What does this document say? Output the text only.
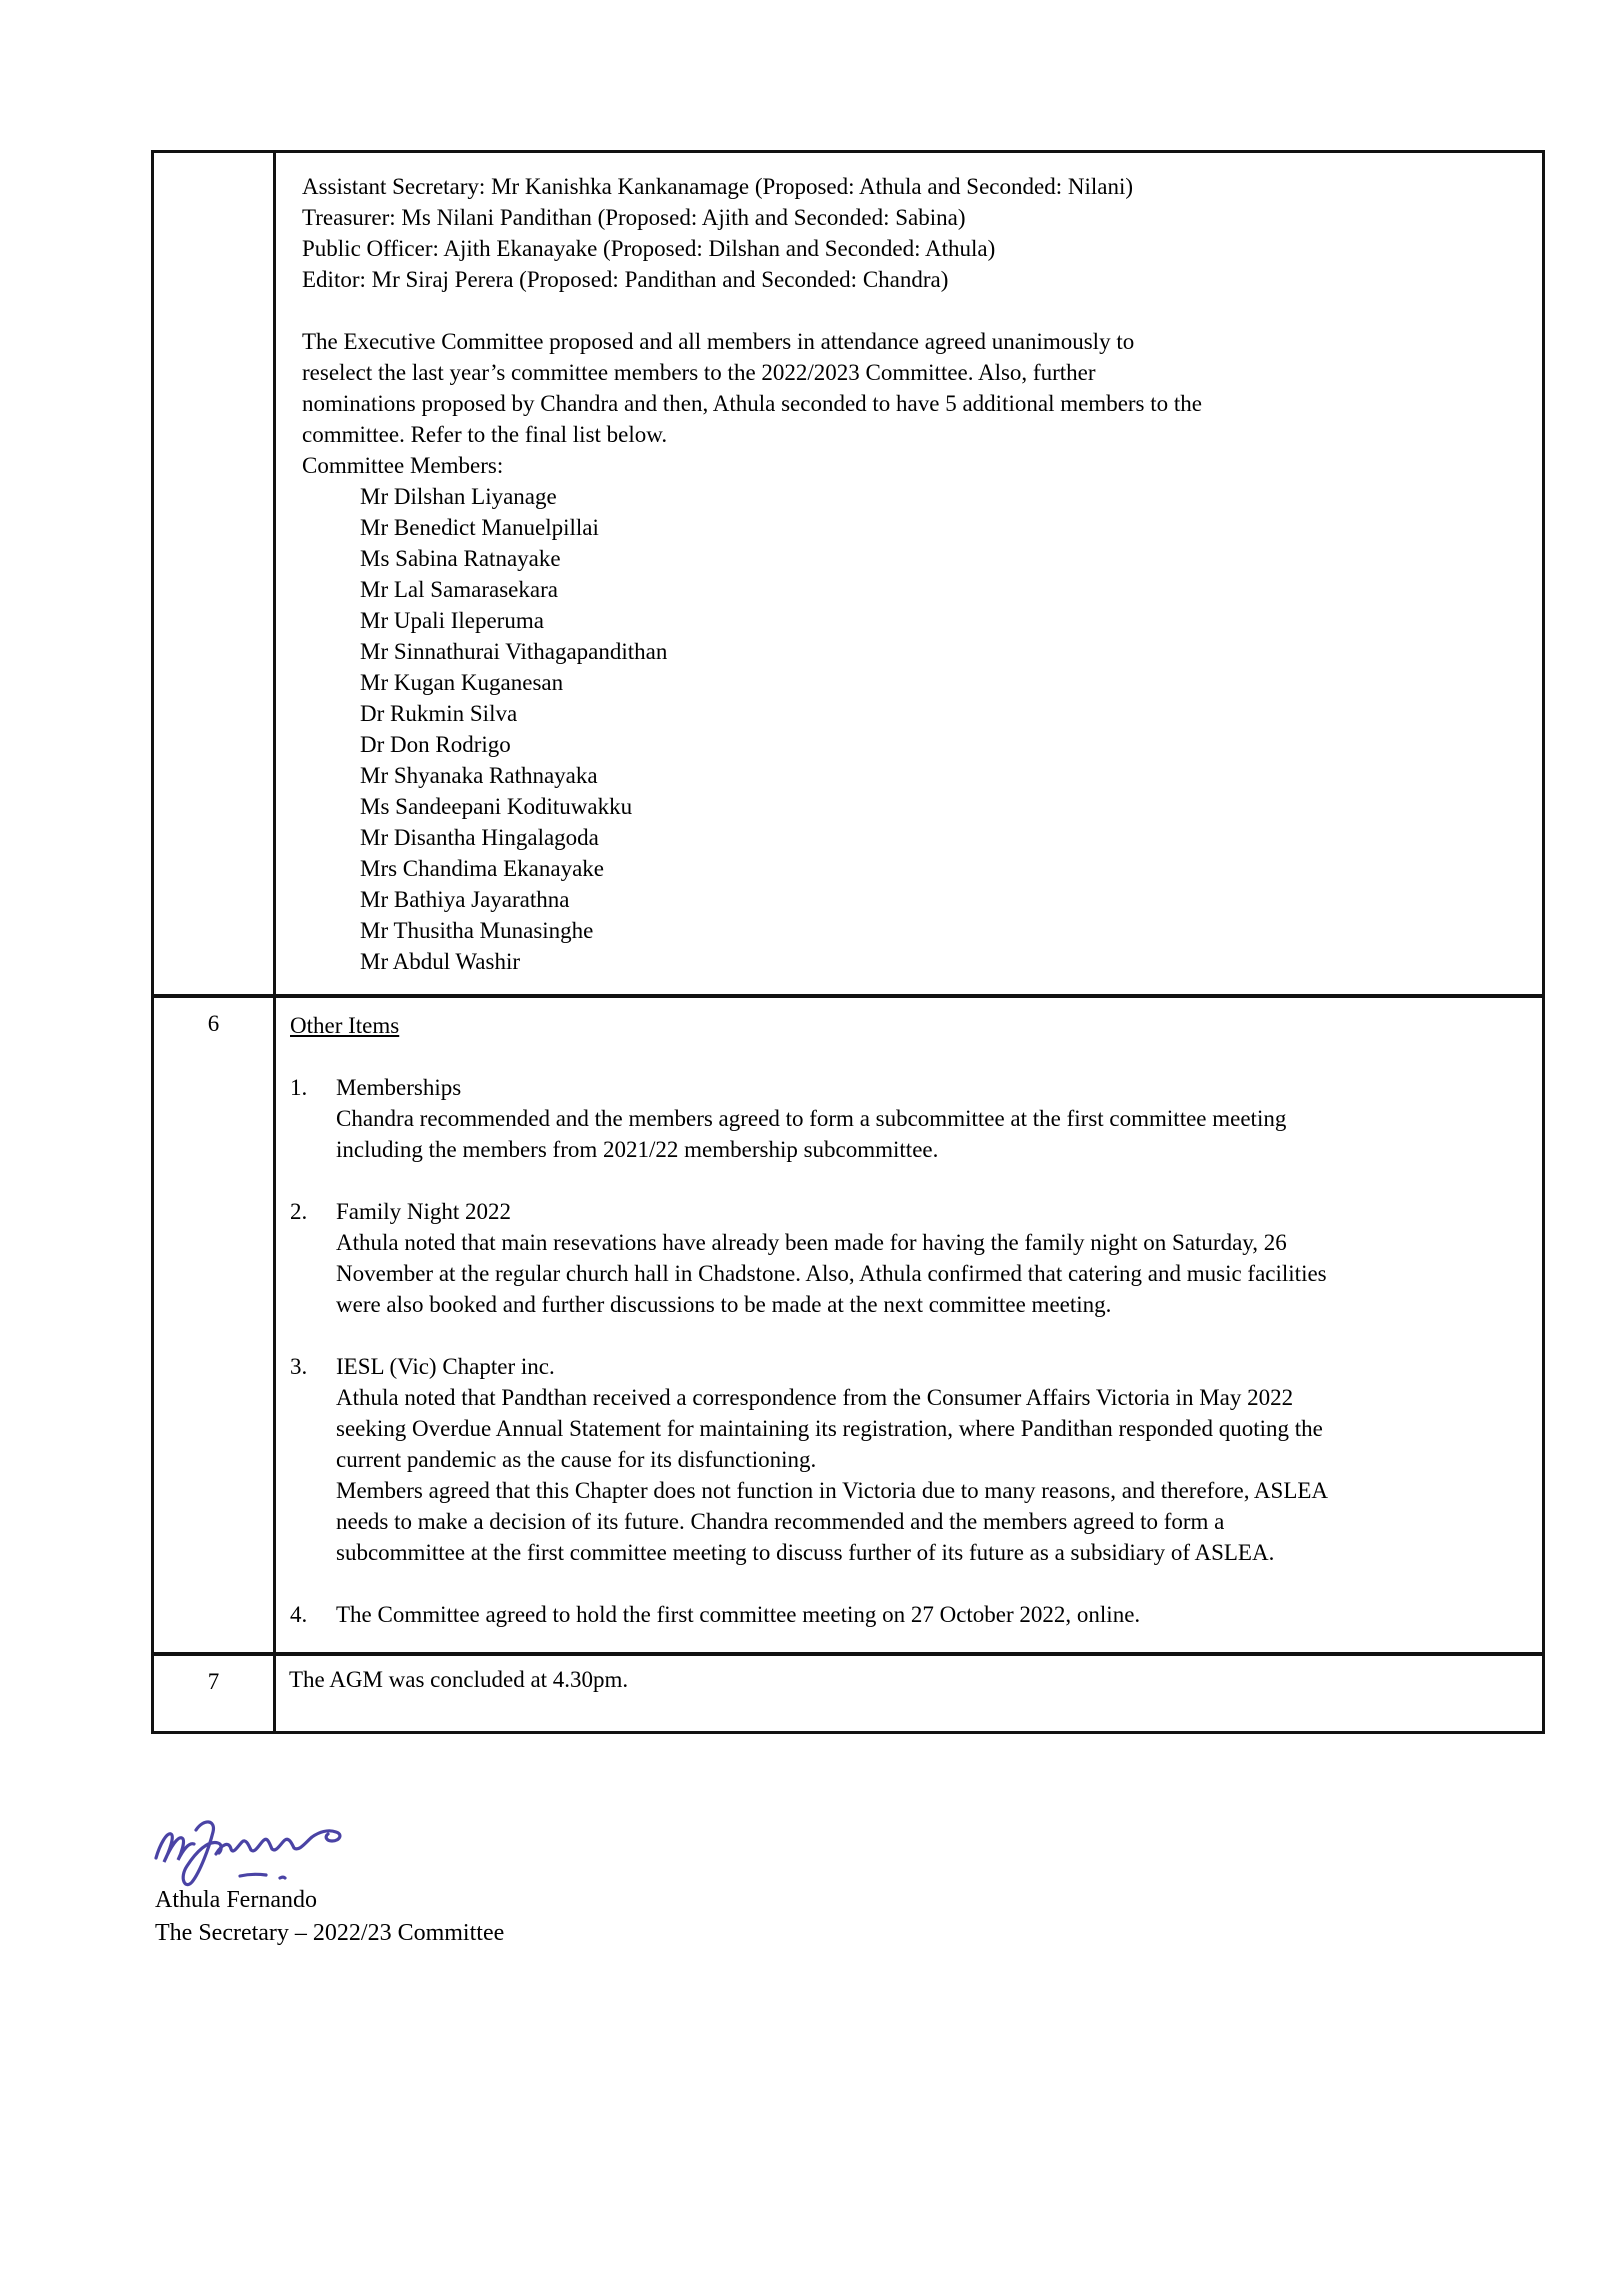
Assistant Secretary: Mr Kanishka Kankanamage (Proposed: Athula and Seconded: Nilani)
Treasurer: Ms Nilani Pandithan (Proposed: Ajith and Seconded: Sabina)
Public Officer: Ajith Ekanayake (Proposed: Dilshan and Seconded: Athula)
Editor: Mr Siraj Perera (Proposed: Pandithan and Seconded: Chandra)
The Executive Committee proposed and all members in attendance agreed unanimously to
reselect the last year’s committee members to the 2022/2023 Committee. Also, further
nominations proposed by Chandra and then, Athula seconded to have 5 additional members to the
committee. Refer to the final list below.
Committee Members:
Mr Dilshan Liyanage
Mr Benedict Manuelpillai
Ms Sabina Ratnayake
Mr Lal Samarasekara
Mr Upali Ileperuma
Mr Sinnathurai Vithagapandithan
Mr Kugan Kuganesan
Dr Rukmin Silva
Dr Don Rodrigo
Mr Shyanaka Rathnayaka
Ms Sandeepani Kodituwakku
Mr Disantha Hingalagoda
Mrs Chandima Ekanayake
Mr Bathiya Jayarathna
Mr Thusitha Munasinghe
Mr Abdul Washir
6	Other Items
1.	Memberships
Chandra recommended and the members agreed to form a subcommittee at the first committee meeting
including the members from 2021/22 membership subcommittee.
2.	Family Night 2022
Athula noted that main resevations have already been made for having the family night on Saturday, 26
November at the regular church hall in Chadstone. Also, Athula confirmed that catering and music facilities
were also booked and further discussions to be made at the next committee meeting.
3.	IESL (Vic) Chapter inc.
Athula noted that Pandthan received a correspondence from the Consumer Affairs Victoria in May 2022
seeking Overdue Annual Statement for maintaining its registration, where Pandithan responded quoting the
current pandemic as the cause for its disfunctioning.
Members agreed that this Chapter does not function in Victoria due to many reasons, and therefore, ASLEA
needs to make a decision of its future. Chandra recommended and the members agreed to form a
subcommittee at the first committee meeting to discuss further of its future as a subsidiary of ASLEA.
4.	The Committee agreed to hold the first committee meeting on 27 October 2022, online.
7	The AGM was concluded at 4.30pm.
Athula Fernando
The Secretary – 2022/23 Committee
